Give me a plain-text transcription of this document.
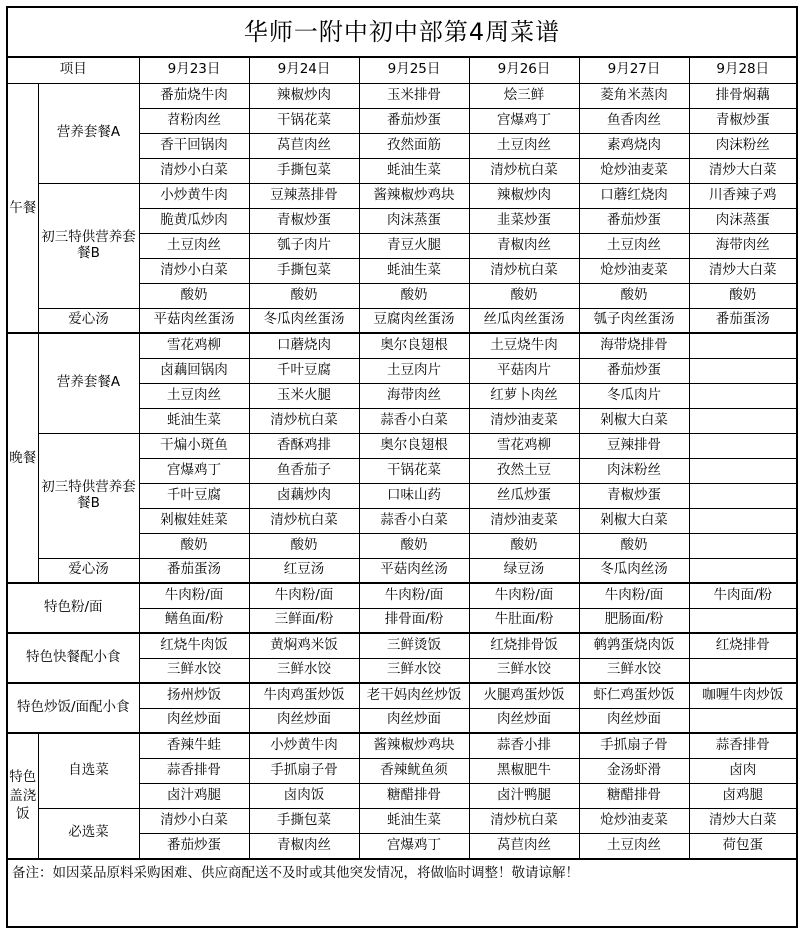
华师一附中初中部第4周菜谱
项目		9月23日	9月24日	9月25日	9月26日	9月27日	9月28日
午餐	营养套餐A	番茄烧牛肉	辣椒炒肉	玉米排骨	烩三鲜	菱角米蒸肉	排骨焖藕
		苕粉肉丝	干锅花菜	番茄炒蛋	宫爆鸡丁	鱼香肉丝	青椒炒蛋
		香干回锅肉	莴苣肉丝	孜然面筋	土豆肉丝	素鸡烧肉	肉沫粉丝
		清炒小白菜	手撕包菜	蚝油生菜	清炒杭白菜	炝炒油麦菜	清炒大白菜
	初三特供营养套餐B	小炒黄牛肉	豆辣蒸排骨	酱辣椒炒鸡块	辣椒炒肉	口蘑红烧肉	川香辣子鸡
		脆黄瓜炒肉	青椒炒蛋	肉沫蒸蛋	韭菜炒蛋	番茄炒蛋	肉沫蒸蛋
		土豆肉丝	瓠子肉片	青豆火腿	青椒肉丝	土豆肉丝	海带肉丝
		清炒小白菜	手撕包菜	蚝油生菜	清炒杭白菜	炝炒油麦菜	清炒大白菜
		酸奶	酸奶	酸奶	酸奶	酸奶	酸奶
	爱心汤	平菇肉丝蛋汤	冬瓜肉丝蛋汤	豆腐肉丝蛋汤	丝瓜肉丝蛋汤	瓠子肉丝蛋汤	番茄蛋汤
晚餐	营养套餐A	雪花鸡柳	口蘑烧肉	奥尔良翅根	土豆烧牛肉	海带烧排骨	
		卤藕回锅肉	千叶豆腐	土豆肉片	平菇肉片	番茄炒蛋	
		土豆肉丝	玉米火腿	海带肉丝	红萝卜肉丝	冬瓜肉片	
		蚝油生菜	清炒杭白菜	蒜香小白菜	清炒油麦菜	剁椒大白菜	
	初三特供营养套餐B	干煸小斑鱼	香酥鸡排	奥尔良翅根	雪花鸡柳	豆辣排骨	
		宫爆鸡丁	鱼香茄子	干锅花菜	孜然土豆	肉沫粉丝	
		千叶豆腐	卤藕炒肉	口味山药	丝瓜炒蛋	青椒炒蛋	
		剁椒娃娃菜	清炒杭白菜	蒜香小白菜	清炒油麦菜	剁椒大白菜	
		酸奶	酸奶	酸奶	酸奶	酸奶	
	爱心汤	番茄蛋汤	红豆汤	平菇肉丝汤	绿豆汤	冬瓜肉丝汤	
特色粉/面		牛肉粉/面	牛肉粉/面	牛肉粉/面	牛肉粉/面	牛肉粉/面	牛肉面/粉
		鳝鱼面/粉	三鲜面/粉	排骨面/粉	牛肚面/粉	肥肠面/粉	
特色快餐配小食		红烧牛肉饭	黄焖鸡米饭	三鲜烫饭	红烧排骨饭	鹌鹑蛋烧肉饭	红烧排骨
		三鲜水饺	三鲜水饺	三鲜水饺	三鲜水饺	三鲜水饺	
特色炒饭/面配小食		扬州炒饭	牛肉鸡蛋炒饭	老干妈肉丝炒饭	火腿鸡蛋炒饭	虾仁鸡蛋炒饭	咖喱牛肉炒饭
		肉丝炒面	肉丝炒面	肉丝炒面	肉丝炒面	肉丝炒面	
特色盖浇饭	自选菜	香辣牛蛙	小炒黄牛肉	酱辣椒炒鸡块	蒜香小排	手抓扇子骨	蒜香排骨
		蒜香排骨	手抓扇子骨	香辣鱿鱼须	黑椒肥牛	金汤虾滑	卤肉
		卤汁鸡腿	卤肉饭	糖醋排骨	卤汁鸭腿	糖醋排骨	卤鸡腿
	必选菜	清炒小白菜	手撕包菜	蚝油生菜	清炒杭白菜	炝炒油麦菜	清炒大白菜
		番茄炒蛋	青椒肉丝	宫爆鸡丁	莴苣肉丝	土豆肉丝	荷包蛋
备注：如因菜品原料采购困难、供应商配送不及时或其他突发情况，将做临时调整！敬请谅解！
